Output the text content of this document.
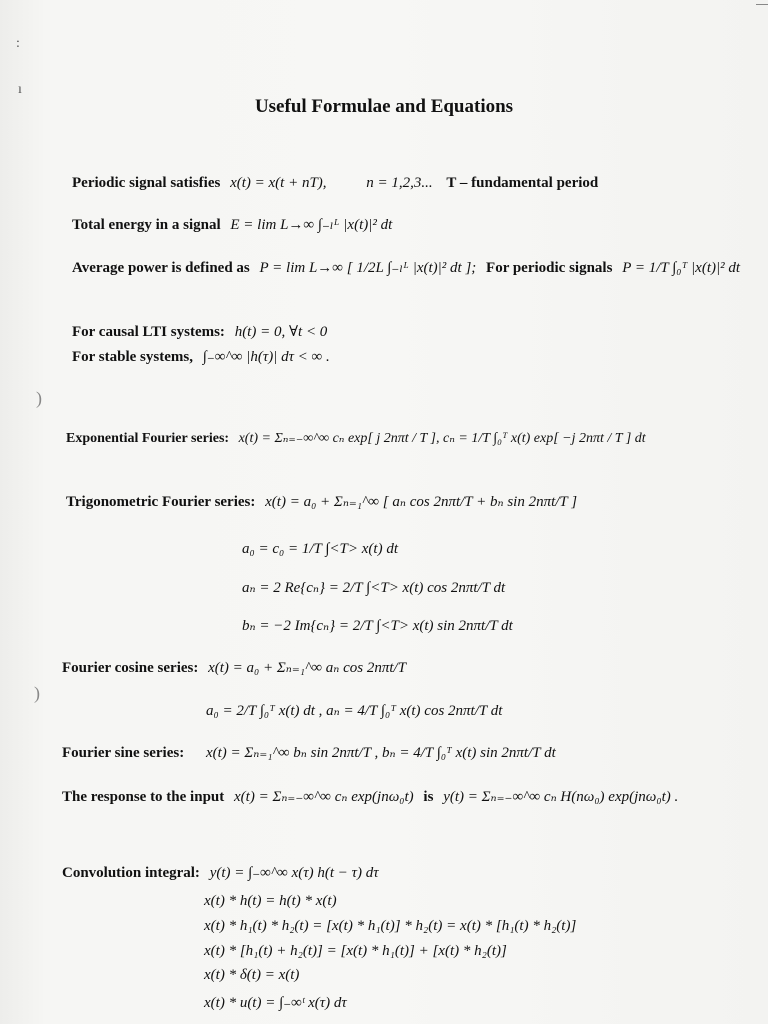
:
ı
)
)
Useful Formulae and Equations
Periodic signal satisfies x(t) = x(t + nT),	n = 1,2,3... T – fundamental period
Total energy in a signal E = lim L→∞ ∫₋ₗᴸ |x(t)|² dt
Average power is defined as P = lim L→∞ [ 1/2L ∫₋ₗᴸ |x(t)|² dt ]; For periodic signals P = 1/T ∫₀ᵀ |x(t)|² dt
For causal LTI systems: h(t) = 0, ∀t < 0
For stable systems, ∫₋∞^∞ |h(τ)| dτ < ∞ .
Exponential Fourier series: x(t) = Σₙ₌₋∞^∞ cₙ exp[ j 2nπt / T ], cₙ = 1/T ∫₀ᵀ x(t) exp[ −j 2nπt / T ] dt
Trigonometric Fourier series: x(t) = a₀ + Σₙ₌₁^∞ [ aₙ cos 2nπt/T + bₙ sin 2nπt/T ]
a₀ = c₀ = 1/T ∫<T> x(t) dt
aₙ = 2 Re{cₙ} = 2/T ∫<T> x(t) cos 2nπt/T dt
bₙ = −2 Im{cₙ} = 2/T ∫<T> x(t) sin 2nπt/T dt
Fourier cosine series: x(t) = a₀ + Σₙ₌₁^∞ aₙ cos 2nπt/T
a₀ = 2/T ∫₀ᵀ x(t) dt , aₙ = 4/T ∫₀ᵀ x(t) cos 2nπt/T dt
Fourier sine series: x(t) = Σₙ₌₁^∞ bₙ sin 2nπt/T , bₙ = 4/T ∫₀ᵀ x(t) sin 2nπt/T dt
The response to the input x(t) = Σₙ₌₋∞^∞ cₙ exp(jnω₀t) is y(t) = Σₙ₌₋∞^∞ cₙ H(nω₀) exp(jnω₀t) .
Convolution integral: y(t) = ∫₋∞^∞ x(τ) h(t − τ) dτ
x(t) * h(t) = h(t) * x(t)
x(t) * h₁(t) * h₂(t) = [x(t) * h₁(t)] * h₂(t) = x(t) * [h₁(t) * h₂(t)]
x(t) * [h₁(t) + h₂(t)] = [x(t) * h₁(t)] + [x(t) * h₂(t)]
x(t) * δ(t) = x(t)
x(t) * u(t) = ∫₋∞ᵗ x(τ) dτ
